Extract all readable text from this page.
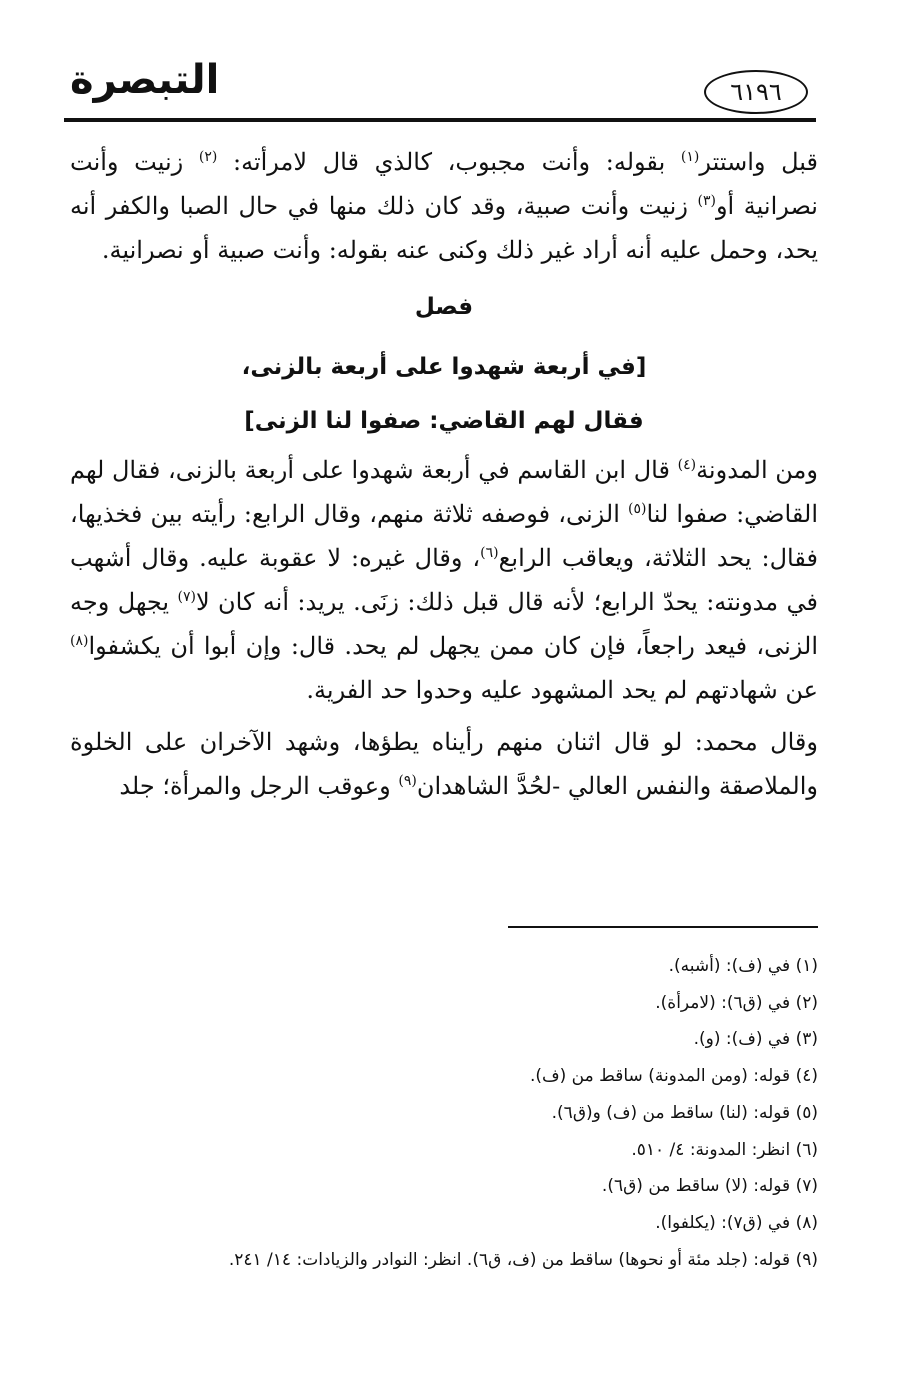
٦١٩٦
التبصرة

قبل واستتر$^{(١)}$ بقوله: وأنت مجبوب، كالذي قال لامرأته: $^{(٢)}$ زنيت وأنت نصرانية أو$^{(٣)}$ زنيت وأنت صبية، وقد كان ذلك منها في حال الصبا والكفر أنه يحد، وحمل عليه أنه أراد غير ذلك وكنى عنه بقوله: وأنت صبية أو نصرانية.

فصل
[في أربعة شهدوا على أربعة بالزنى،
فقال لهم القاضي: صفوا لنا الزنى]

ومن المدونة$^{(٤)}$ قال ابن القاسم في أربعة شهدوا على أربعة بالزنى، فقال لهم القاضي: صفوا لنا$^{(٥)}$ الزنى، فوصفه ثلاثة منهم، وقال الرابع: رأيته بين فخذيها، فقال: يحد الثلاثة، ويعاقب الرابع$^{(٦)}$، وقال غيره: لا عقوبة عليه. وقال أشهب في مدونته: يحدّ الرابع؛ لأنه قال قبل ذلك: زنَى. يريد: أنه كان لا$^{(٧)}$ يجهل وجه الزنى، فيعد راجعاً، فإن كان ممن يجهل لم يحد. قال: وإن أبوا أن يكشفوا$^{(٨)}$ عن شهادتهم لم يحد المشهود عليه وحدوا حد الفرية.

وقال محمد: لو قال اثنان منهم رأيناه يطؤها، وشهد الآخران على الخلوة والملاصقة والنفس العالي -لحُدَّ الشاهدان$^{(٩)}$ وعوقب الرجل والمرأة؛ جلد

(١) في (ف): (أشبه).

(٢) في (ق٦): (لامرأة).

(٣) في (ف): (و).

(٤) قوله: (ومن المدونة) ساقط من (ف).

(٥) قوله: (لنا) ساقط من (ف) و(ق٦).

(٦) انظر: المدونة: ٤/ ٥١٠.

(٧) قوله: (لا) ساقط من (ق٦).

(٨) في (ق٧): (يكلفوا).

(٩) قوله: (جلد مئة أو نحوها) ساقط من (ف، ق٦). انظر: النوادر والزيادات: ١٤/ ٢٤١.
